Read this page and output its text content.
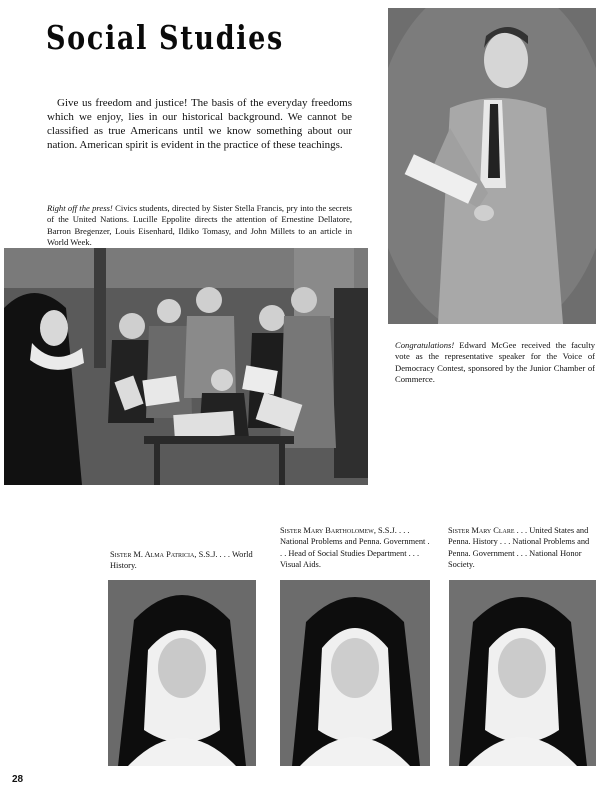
Social Studies

Give us freedom and justice! The basis of the everyday freedoms which we enjoy, lies in our historical background. We cannot be classified as true Americans until we know something about our nation. American spirit is evident in the practice of these teachings.

Right off the press! Civics students, directed by Sister Stella Francis, pry into the secrets of the United Nations. Lucille Eppolite directs the attention of Ernestine Dellatore, Barron Bregenzer, Louis Eisenhard, Ildiko Tomasy, and John Millets to an article in World Week.

Congratulations! Edward McGee received the faculty vote as the representative speaker for the Voice of Democracy Contest, sponsored by the Junior Chamber of Commerce.

Sister M. Alma Patricia, S.S.J. . . . World History.

Sister Mary Bartholomew, S.S.J. . . . National Problems and Penna. Government . . . Head of Social Studies Department . . . Visual Aids.

Sister Mary Clare . . . United States and Penna. History . . . National Problems and Penna. Government . . . National Honor Society.

28
